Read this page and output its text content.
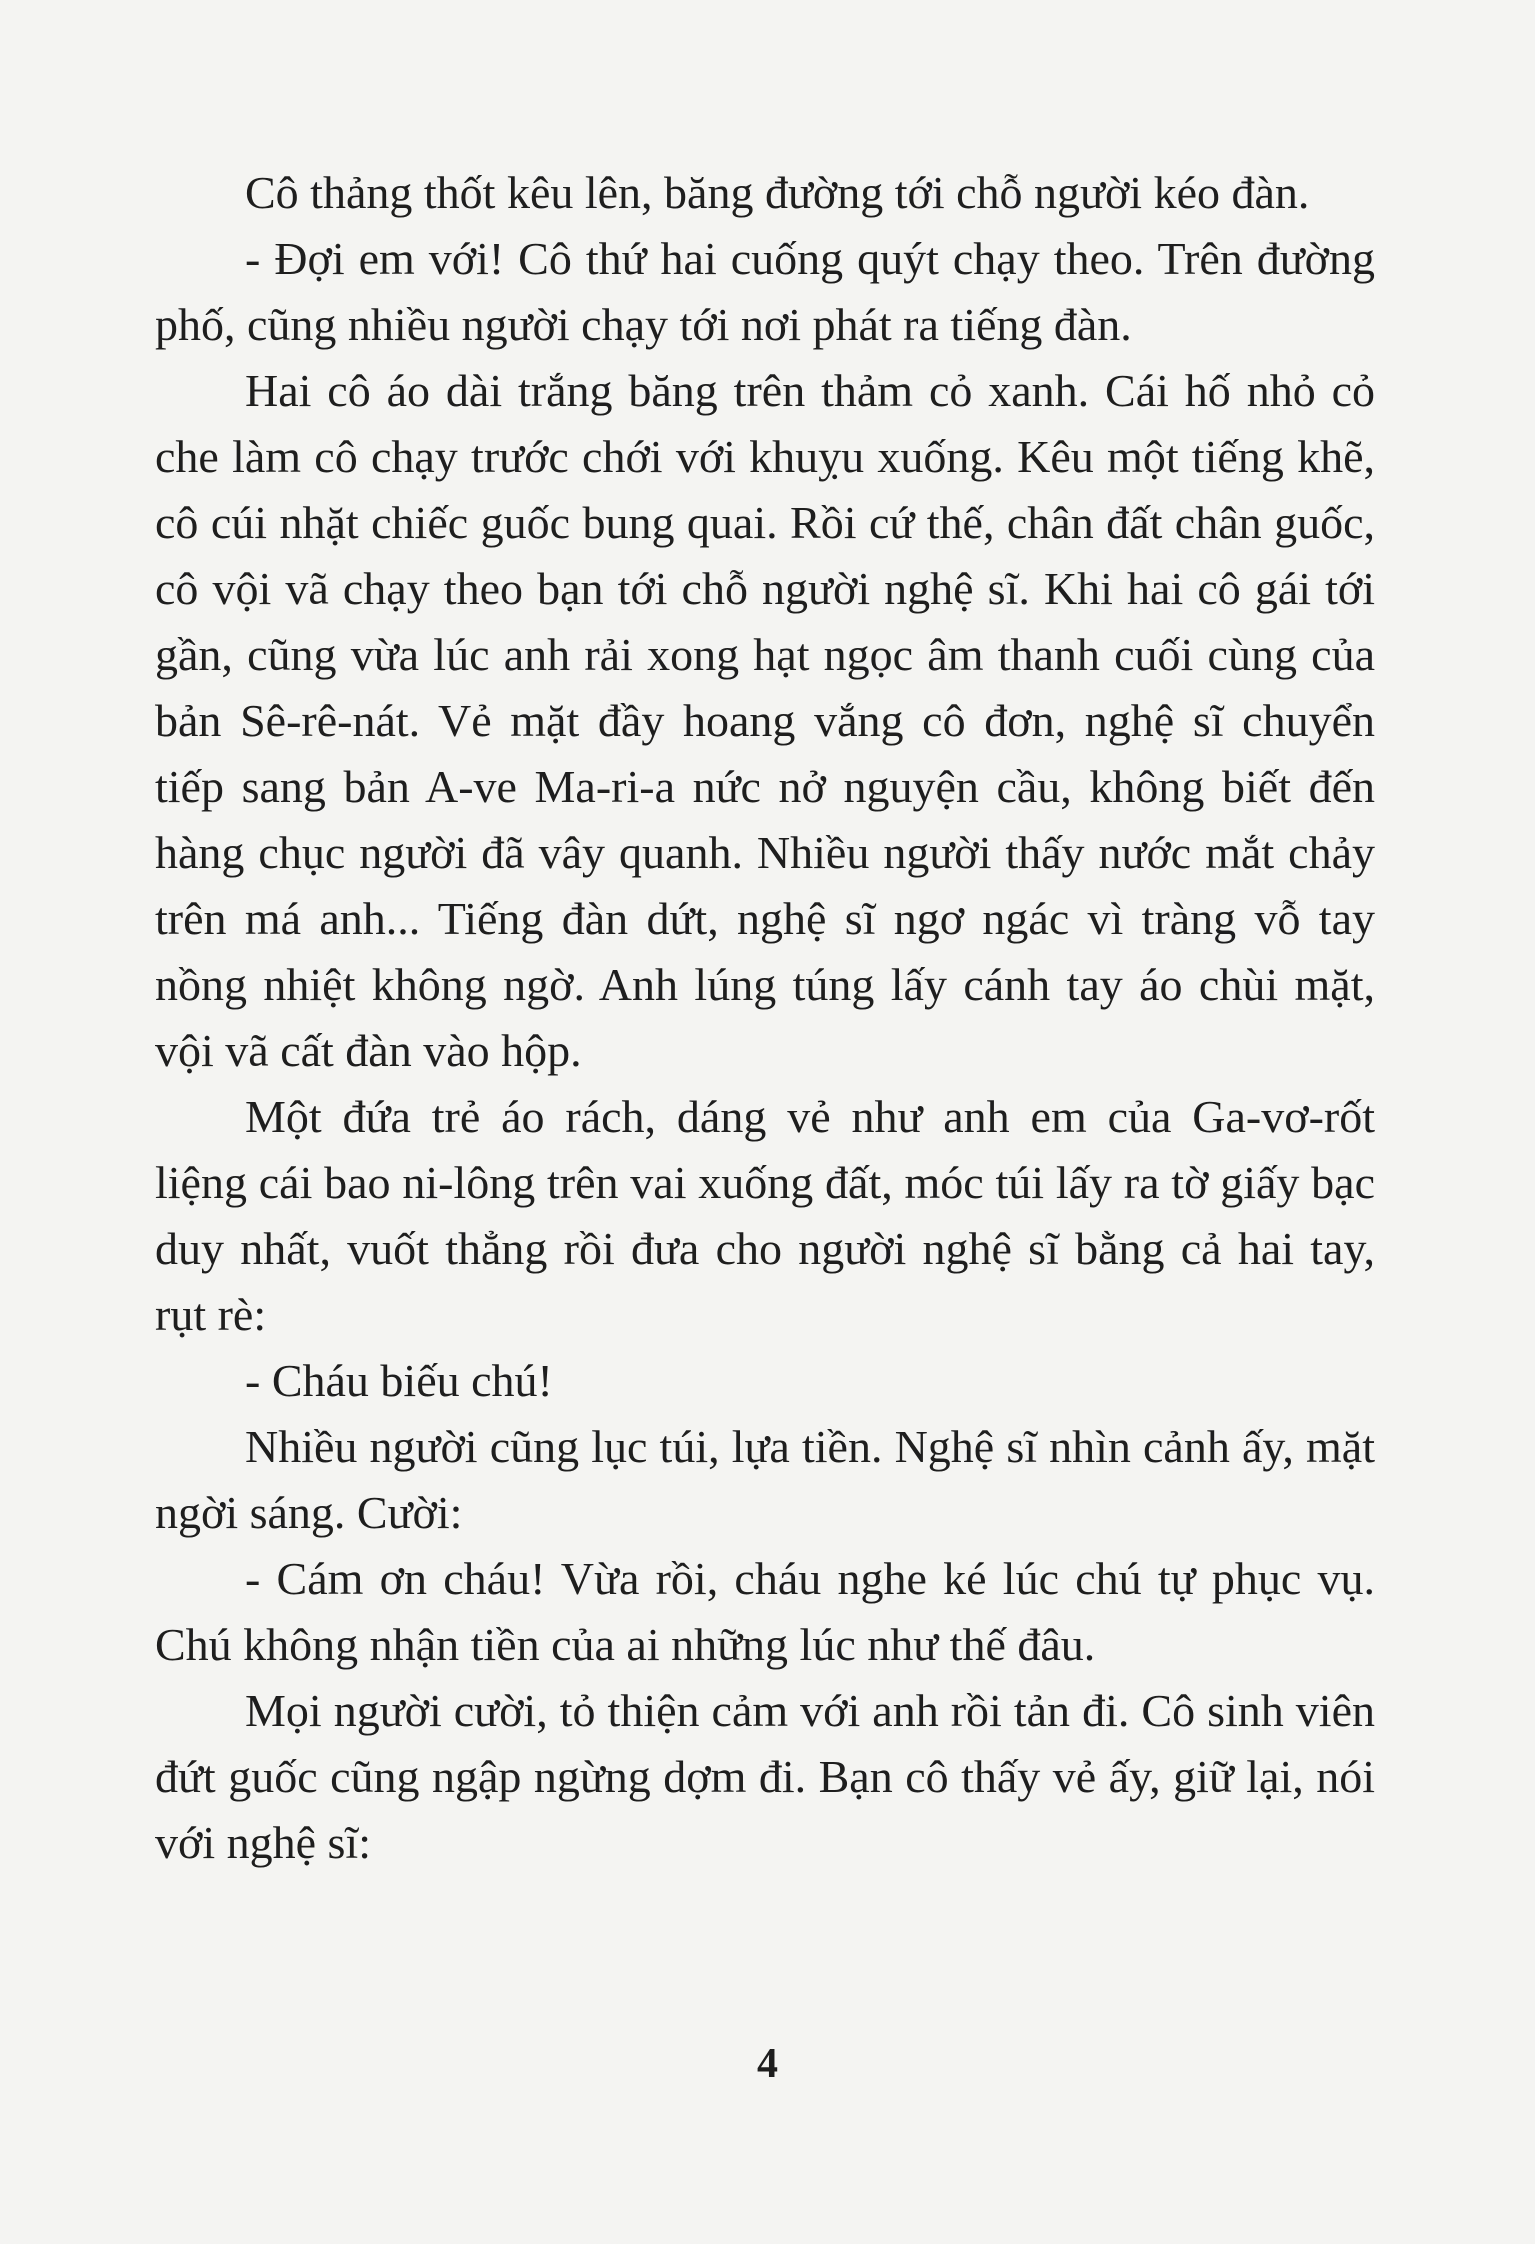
Cô thảng thốt kêu lên, băng đường tới chỗ người kéo đàn.

- Đợi em với! Cô thứ hai cuống quýt chạy theo. Trên đường phố, cũng nhiều người chạy tới nơi phát ra tiếng đàn.

Hai cô áo dài trắng băng trên thảm cỏ xanh. Cái hố nhỏ cỏ che làm cô chạy trước chới với khuỵu xuống. Kêu một tiếng khẽ, cô cúi nhặt chiếc guốc bung quai. Rồi cứ thế, chân đất chân guốc, cô vội vã chạy theo bạn tới chỗ người nghệ sĩ. Khi hai cô gái tới gần, cũng vừa lúc anh rải xong hạt ngọc âm thanh cuối cùng của bản Sê-rê-nát. Vẻ mặt đầy hoang vắng cô đơn, nghệ sĩ chuyển tiếp sang bản A-ve Ma-ri-a nức nở nguyện cầu, không biết đến hàng chục người đã vây quanh. Nhiều người thấy nước mắt chảy trên má anh... Tiếng đàn dứt, nghệ sĩ ngơ ngác vì tràng vỗ tay nồng nhiệt không ngờ. Anh lúng túng lấy cánh tay áo chùi mặt, vội vã cất đàn vào hộp.

Một đứa trẻ áo rách, dáng vẻ như anh em của Ga-vơ-rốt liệng cái bao ni-lông trên vai xuống đất, móc túi lấy ra tờ giấy bạc duy nhất, vuốt thẳng rồi đưa cho người nghệ sĩ bằng cả hai tay, rụt rè:

- Cháu biếu chú!

Nhiều người cũng lục túi, lựa tiền. Nghệ sĩ nhìn cảnh ấy, mặt ngời sáng. Cười:

- Cám ơn cháu! Vừa rồi, cháu nghe ké lúc chú tự phục vụ. Chú không nhận tiền của ai những lúc như thế đâu.

Mọi người cười, tỏ thiện cảm với anh rồi tản đi. Cô sinh viên đứt guốc cũng ngập ngừng dợm đi. Bạn cô thấy vẻ ấy, giữ lại, nói với nghệ sĩ:

4
